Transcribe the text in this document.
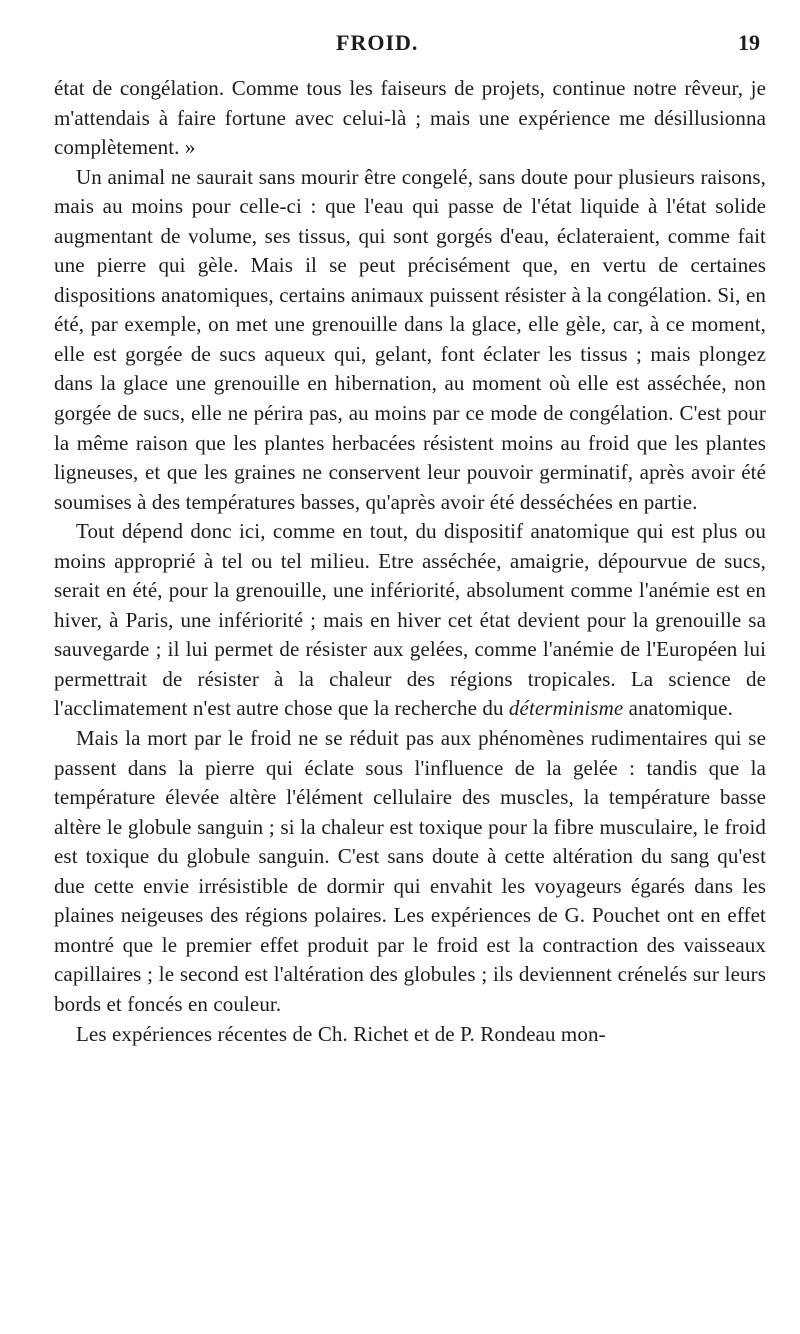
FROID.	19

état de congélation. Comme tous les faiseurs de projets, continue notre rêveur, je m'attendais à faire fortune avec celui-là ; mais une expérience me désillusionna complètement. »

Un animal ne saurait sans mourir être congelé, sans doute pour plusieurs raisons, mais au moins pour celle-ci : que l'eau qui passe de l'état liquide à l'état solide augmentant de volume, ses tissus, qui sont gorgés d'eau, éclateraient, comme fait une pierre qui gèle. Mais il se peut précisément que, en vertu de certaines dispositions anatomiques, certains animaux puissent résister à la congélation. Si, en été, par exemple, on met une grenouille dans la glace, elle gèle, car, à ce moment, elle est gorgée de sucs aqueux qui, gelant, font éclater les tissus ; mais plongez dans la glace une grenouille en hibernation, au moment où elle est asséchée, non gorgée de sucs, elle ne périra pas, au moins par ce mode de congélation. C'est pour la même raison que les plantes herbacées résistent moins au froid que les plantes ligneuses, et que les graines ne conservent leur pouvoir germinatif, après avoir été soumises à des températures basses, qu'après avoir été desséchées en partie.

Tout dépend donc ici, comme en tout, du dispositif anatomique qui est plus ou moins approprié à tel ou tel milieu. Etre asséchée, amaigrie, dépourvue de sucs, serait en été, pour la grenouille, une infériorité, absolument comme l'anémie est en hiver, à Paris, une infériorité ; mais en hiver cet état devient pour la grenouille sa sauvegarde ; il lui permet de résister aux gelées, comme l'anémie de l'Européen lui permettrait de résister à la chaleur des régions tropicales. La science de l'acclimatement n'est autre chose que la recherche du déterminisme anatomique.

Mais la mort par le froid ne se réduit pas aux phénomènes rudimentaires qui se passent dans la pierre qui éclate sous l'influence de la gelée : tandis que la température élevée altère l'élément cellulaire des muscles, la température basse altère le globule sanguin ; si la chaleur est toxique pour la fibre musculaire, le froid est toxique du globule sanguin. C'est sans doute à cette altération du sang qu'est due cette envie irrésistible de dormir qui envahit les voyageurs égarés dans les plaines neigeuses des régions polaires. Les expériences de G. Pouchet ont en effet montré que le premier effet produit par le froid est la contraction des vaisseaux capillaires ; le second est l'altération des globules ; ils deviennent crénelés sur leurs bords et foncés en couleur.

Les expériences récentes de Ch. Richet et de P. Rondeau mon-
